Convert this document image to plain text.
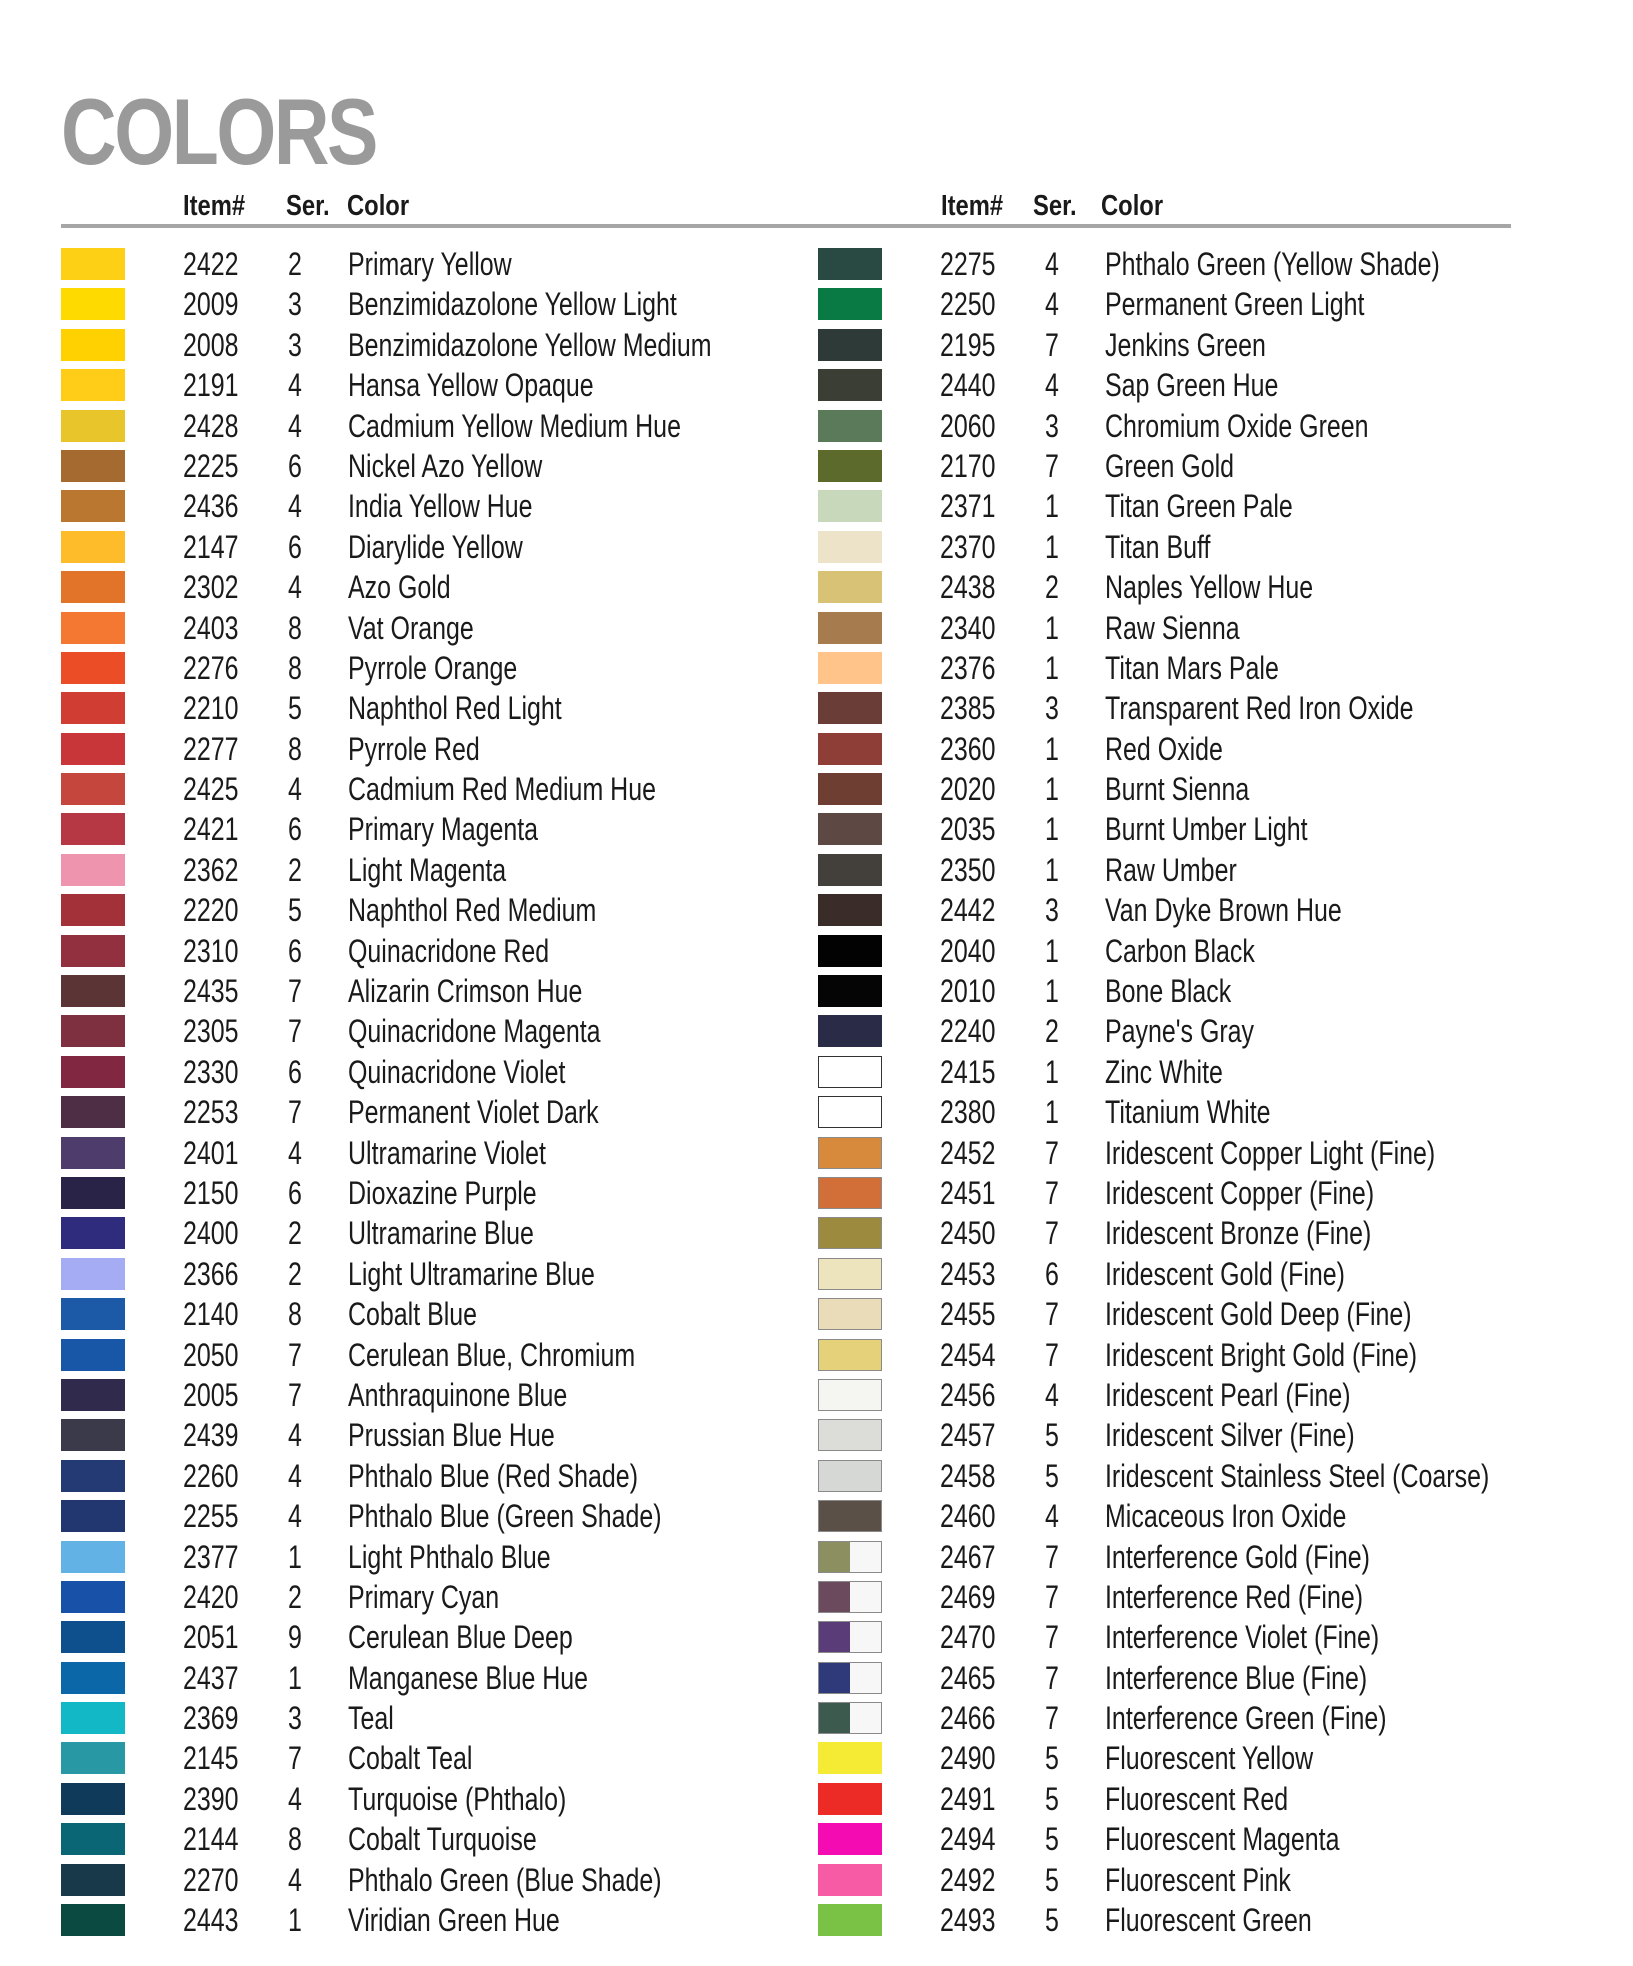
COLORS
Item# Ser. Color	Item# Ser. Color
2422 2 Primary Yellow
2009 3 Benzimidazolone Yellow Light
2008 3 Benzimidazolone Yellow Medium
2191 4 Hansa Yellow Opaque
2428 4 Cadmium Yellow Medium Hue
2225 6 Nickel Azo Yellow
2436 4 India Yellow Hue
2147 6 Diarylide Yellow
2302 4 Azo Gold
2403 8 Vat Orange
2276 8 Pyrrole Orange
2210 5 Naphthol Red Light
2277 8 Pyrrole Red
2425 4 Cadmium Red Medium Hue
2421 6 Primary Magenta
2362 2 Light Magenta
2220 5 Naphthol Red Medium
2310 6 Quinacridone Red
2435 7 Alizarin Crimson Hue
2305 7 Quinacridone Magenta
2330 6 Quinacridone Violet
2253 7 Permanent Violet Dark
2401 4 Ultramarine Violet
2150 6 Dioxazine Purple
2400 2 Ultramarine Blue
2366 2 Light Ultramarine Blue
2140 8 Cobalt Blue
2050 7 Cerulean Blue, Chromium
2005 7 Anthraquinone Blue
2439 4 Prussian Blue Hue
2260 4 Phthalo Blue (Red Shade)
2255 4 Phthalo Blue (Green Shade)
2377 1 Light Phthalo Blue
2420 2 Primary Cyan
2051 9 Cerulean Blue Deep
2437 1 Manganese Blue Hue
2369 3 Teal
2145 7 Cobalt Teal
2390 4 Turquoise (Phthalo)
2144 8 Cobalt Turquoise
2270 4 Phthalo Green (Blue Shade)
2443 1 Viridian Green Hue
2275 4 Phthalo Green (Yellow Shade)
2250 4 Permanent Green Light
2195 7 Jenkins Green
2440 4 Sap Green Hue
2060 3 Chromium Oxide Green
2170 7 Green Gold
2371 1 Titan Green Pale
2370 1 Titan Buff
2438 2 Naples Yellow Hue
2340 1 Raw Sienna
2376 1 Titan Mars Pale
2385 3 Transparent Red Iron Oxide
2360 1 Red Oxide
2020 1 Burnt Sienna
2035 1 Burnt Umber Light
2350 1 Raw Umber
2442 3 Van Dyke Brown Hue
2040 1 Carbon Black
2010 1 Bone Black
2240 2 Payne's Gray
2415 1 Zinc White
2380 1 Titanium White
2452 7 Iridescent Copper Light (Fine)
2451 7 Iridescent Copper (Fine)
2450 7 Iridescent Bronze (Fine)
2453 6 Iridescent Gold (Fine)
2455 7 Iridescent Gold Deep (Fine)
2454 7 Iridescent Bright Gold (Fine)
2456 4 Iridescent Pearl (Fine)
2457 5 Iridescent Silver (Fine)
2458 5 Iridescent Stainless Steel (Coarse)
2460 4 Micaceous Iron Oxide
2467 7 Interference Gold (Fine)
2469 7 Interference Red (Fine)
2470 7 Interference Violet (Fine)
2465 7 Interference Blue (Fine)
2466 7 Interference Green (Fine)
2490 5 Fluorescent Yellow
2491 5 Fluorescent Red
2494 5 Fluorescent Magenta
2492 5 Fluorescent Pink
2493 5 Fluorescent Green
